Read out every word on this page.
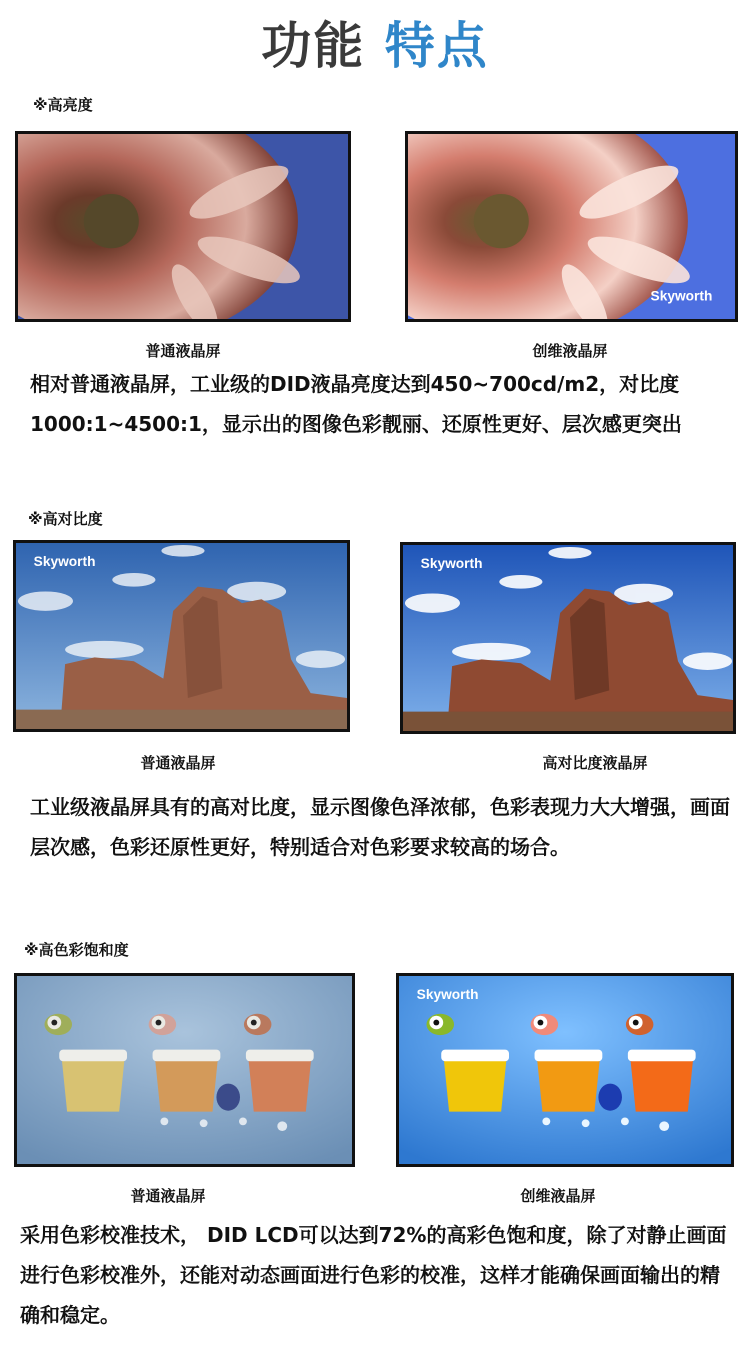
功能 特点
※高亮度
Skyworth
普通液晶屏	创维液晶屏
相对普通液晶屏，工业级的DID液晶亮度达到450~700cd/m2，对比度1000:1~4500:1，显示出的图像色彩靓丽、还原性更好、层次感更突出
※高对比度
Skyworth	Skyworth
普通液晶屏	高对比度液晶屏
工业级液晶屏具有的高对比度，显示图像色泽浓郁，色彩表现力大大增强，画面层次感，色彩还原性更好，特别适合对色彩要求较高的场合。
※高色彩饱和度
Skyworth
普通液晶屏	创维液晶屏
采用色彩校准技术， DID LCD可以达到72%的高彩色饱和度，除了对静止画面进行色彩校准外，还能对动态画面进行色彩的校准，这样才能确保画面输出的精确和稳定。
